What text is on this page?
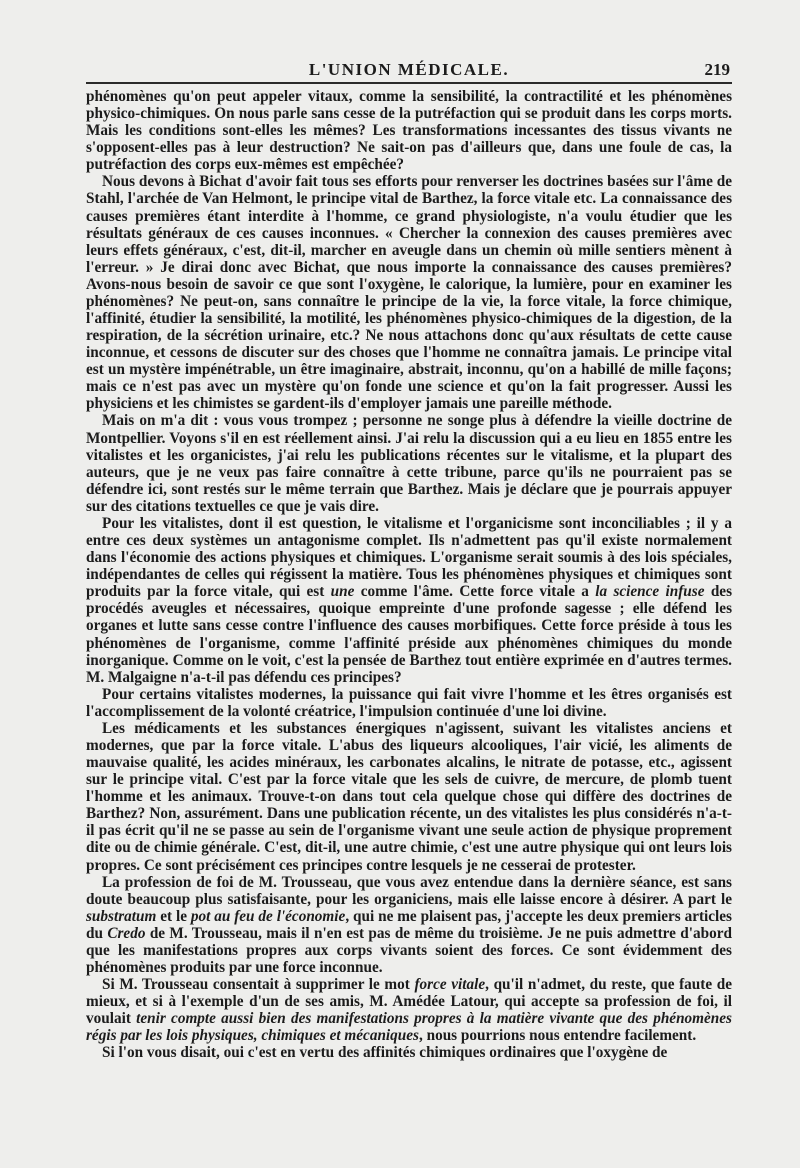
L'UNION MÉDICALE.	219

phénomènes qu'on peut appeler vitaux, comme la sensibilité, la contractilité et les phénomènes physico-chimiques. On nous parle sans cesse de la putréfaction qui se produit dans les corps morts. Mais les conditions sont-elles les mêmes? Les transformations incessantes des tissus vivants ne s'opposent-elles pas à leur destruction? Ne sait-on pas d'ailleurs que, dans une foule de cas, la putréfaction des corps eux-mêmes est empêchée?

Nous devons à Bichat d'avoir fait tous ses efforts pour renverser les doctrines basées sur l'âme de Stahl, l'archée de Van Helmont, le principe vital de Barthez, la force vitale etc. La connaissance des causes premières étant interdite à l'homme, ce grand physiologiste, n'a voulu étudier que les résultats généraux de ces causes inconnues. « Chercher la connexion des causes premières avec leurs effets généraux, c'est, dit-il, marcher en aveugle dans un chemin où mille sentiers mènent à l'erreur. » Je dirai donc avec Bichat, que nous importe la connaissance des causes premières? Avons-nous besoin de savoir ce que sont l'oxygène, le calorique, la lumière, pour en examiner les phénomènes? Ne peut-on, sans connaître le principe de la vie, la force vitale, la force chimique, l'affinité, étudier la sensibilité, la motilité, les phénomènes physico-chimiques de la digestion, de la respiration, de la sécrétion urinaire, etc.? Ne nous attachons donc qu'aux résultats de cette cause inconnue, et cessons de discuter sur des choses que l'homme ne connaîtra jamais. Le principe vital est un mystère impénétrable, un être imaginaire, abstrait, inconnu, qu'on a habillé de mille façons; mais ce n'est pas avec un mystère qu'on fonde une science et qu'on la fait progresser. Aussi les physiciens et les chimistes se gardent-ils d'employer jamais une pareille méthode.

Mais on m'a dit : vous vous trompez ; personne ne songe plus à défendre la vieille doctrine de Montpellier. Voyons s'il en est réellement ainsi. J'ai relu la discussion qui a eu lieu en 1855 entre les vitalistes et les organicistes, j'ai relu les publications récentes sur le vitalisme, et la plupart des auteurs, que je ne veux pas faire connaître à cette tribune, parce qu'ils ne pourraient pas se défendre ici, sont restés sur le même terrain que Barthez. Mais je déclare que je pourrais appuyer sur des citations textuelles ce que je vais dire.

Pour les vitalistes, dont il est question, le vitalisme et l'organicisme sont inconciliables ; il y a entre ces deux systèmes un antagonisme complet. Ils n'admettent pas qu'il existe normalement dans l'économie des actions physiques et chimiques. L'organisme serait soumis à des lois spéciales, indépendantes de celles qui régissent la matière. Tous les phénomènes physiques et chimiques sont produits par la force vitale, qui est une comme l'âme. Cette force vitale a la science infuse des procédés aveugles et nécessaires, quoique empreinte d'une profonde sagesse ; elle défend les organes et lutte sans cesse contre l'influence des causes morbifiques. Cette force préside à tous les phénomènes de l'organisme, comme l'affinité préside aux phénomènes chimiques du monde inorganique. Comme on le voit, c'est la pensée de Barthez tout entière exprimée en d'autres termes. M. Malgaigne n'a-t-il pas défendu ces principes?

Pour certains vitalistes modernes, la puissance qui fait vivre l'homme et les êtres organisés est l'accomplissement de la volonté créatrice, l'impulsion continuée d'une loi divine.

Les médicaments et les substances énergiques n'agissent, suivant les vitalistes anciens et modernes, que par la force vitale. L'abus des liqueurs alcooliques, l'air vicié, les aliments de mauvaise qualité, les acides minéraux, les carbonates alcalins, le nitrate de potasse, etc., agissent sur le principe vital. C'est par la force vitale que les sels de cuivre, de mercure, de plomb tuent l'homme et les animaux. Trouve-t-on dans tout cela quelque chose qui diffère des doctrines de Barthez? Non, assurément. Dans une publication récente, un des vitalistes les plus considérés n'a-t-il pas écrit qu'il ne se passe au sein de l'organisme vivant une seule action de physique proprement dite ou de chimie générale. C'est, dit-il, une autre chimie, c'est une autre physique qui ont leurs lois propres. Ce sont précisément ces principes contre lesquels je ne cesserai de protester.

La profession de foi de M. Trousseau, que vous avez entendue dans la dernière séance, est sans doute beaucoup plus satisfaisante, pour les organiciens, mais elle laisse encore à désirer. A part le substratum et le pot au feu de l'économie, qui ne me plaisent pas, j'accepte les deux premiers articles du Credo de M. Trousseau, mais il n'en est pas de même du troisième. Je ne puis admettre d'abord que les manifestations propres aux corps vivants soient des forces. Ce sont évidemment des phénomènes produits par une force inconnue.

Si M. Trousseau consentait à supprimer le mot force vitale, qu'il n'admet, du reste, que faute de mieux, et si à l'exemple d'un de ses amis, M. Amédée Latour, qui accepte sa profession de foi, il voulait tenir compte aussi bien des manifestations propres à la matière vivante que des phénomènes régis par les lois physiques, chimiques et mécaniques, nous pourrions nous entendre facilement.

Si l'on vous disait, oui c'est en vertu des affinités chimiques ordinaires que l'oxygène de
